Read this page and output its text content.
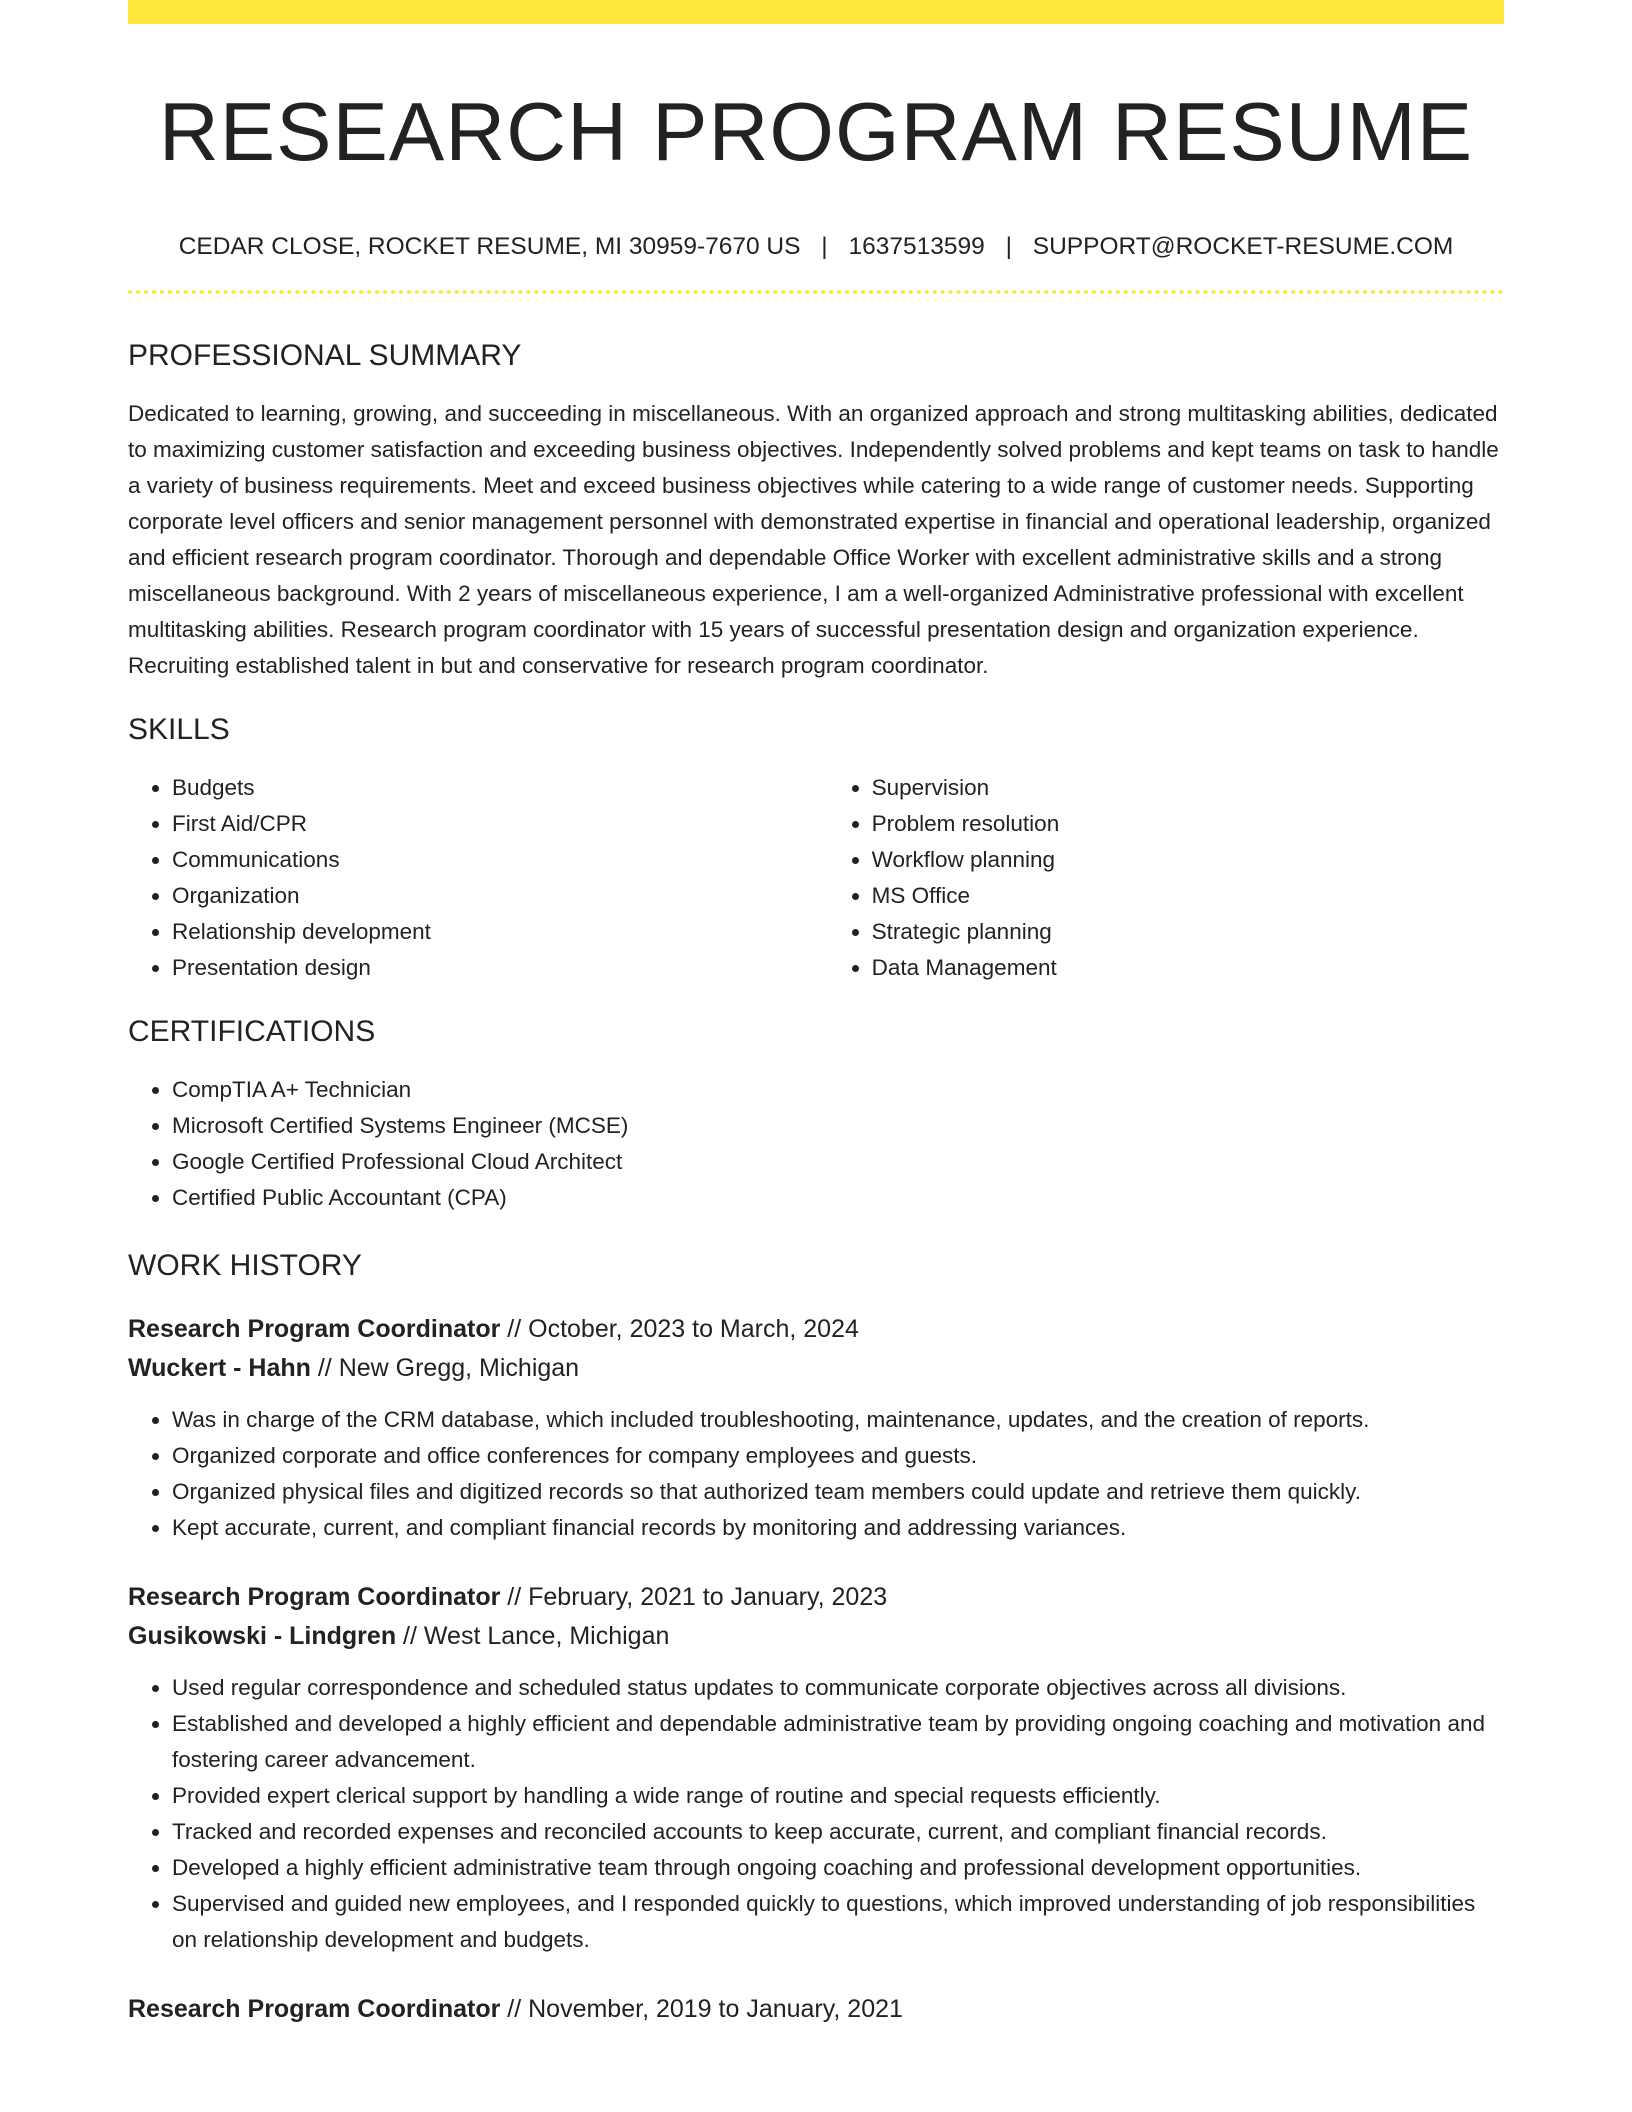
RESEARCH PROGRAM RESUME
CEDAR CLOSE, ROCKET RESUME, MI 30959-7670 US | 1637513599 | SUPPORT@ROCKET-RESUME.COM
PROFESSIONAL SUMMARY
Dedicated to learning, growing, and succeeding in miscellaneous. With an organized approach and strong multitasking abilities, dedicated to maximizing customer satisfaction and exceeding business objectives. Independently solved problems and kept teams on task to handle a variety of business requirements. Meet and exceed business objectives while catering to a wide range of customer needs. Supporting corporate level officers and senior management personnel with demonstrated expertise in financial and operational leadership, organized and efficient research program coordinator. Thorough and dependable Office Worker with excellent administrative skills and a strong miscellaneous background. With 2 years of miscellaneous experience, I am a well-organized Administrative professional with excellent multitasking abilities. Research program coordinator with 15 years of successful presentation design and organization experience. Recruiting established talent in but and conservative for research program coordinator.
SKILLS
• Budgets
• First Aid/CPR
• Communications
• Organization
• Relationship development
• Presentation design
• Supervision
• Problem resolution
• Workflow planning
• MS Office
• Strategic planning
• Data Management
CERTIFICATIONS
• CompTIA A+ Technician
• Microsoft Certified Systems Engineer (MCSE)
• Google Certified Professional Cloud Architect
• Certified Public Accountant (CPA)
WORK HISTORY
Research Program Coordinator // October, 2023 to March, 2024
Wuckert - Hahn // New Gregg, Michigan
• Was in charge of the CRM database, which included troubleshooting, maintenance, updates, and the creation of reports.
• Organized corporate and office conferences for company employees and guests.
• Organized physical files and digitized records so that authorized team members could update and retrieve them quickly.
• Kept accurate, current, and compliant financial records by monitoring and addressing variances.
Research Program Coordinator // February, 2021 to January, 2023
Gusikowski - Lindgren // West Lance, Michigan
• Used regular correspondence and scheduled status updates to communicate corporate objectives across all divisions.
• Established and developed a highly efficient and dependable administrative team by providing ongoing coaching and motivation and fostering career advancement.
• Provided expert clerical support by handling a wide range of routine and special requests efficiently.
• Tracked and recorded expenses and reconciled accounts to keep accurate, current, and compliant financial records.
• Developed a highly efficient administrative team through ongoing coaching and professional development opportunities.
• Supervised and guided new employees, and I responded quickly to questions, which improved understanding of job responsibilities on relationship development and budgets.
Research Program Coordinator // November, 2019 to January, 2021
